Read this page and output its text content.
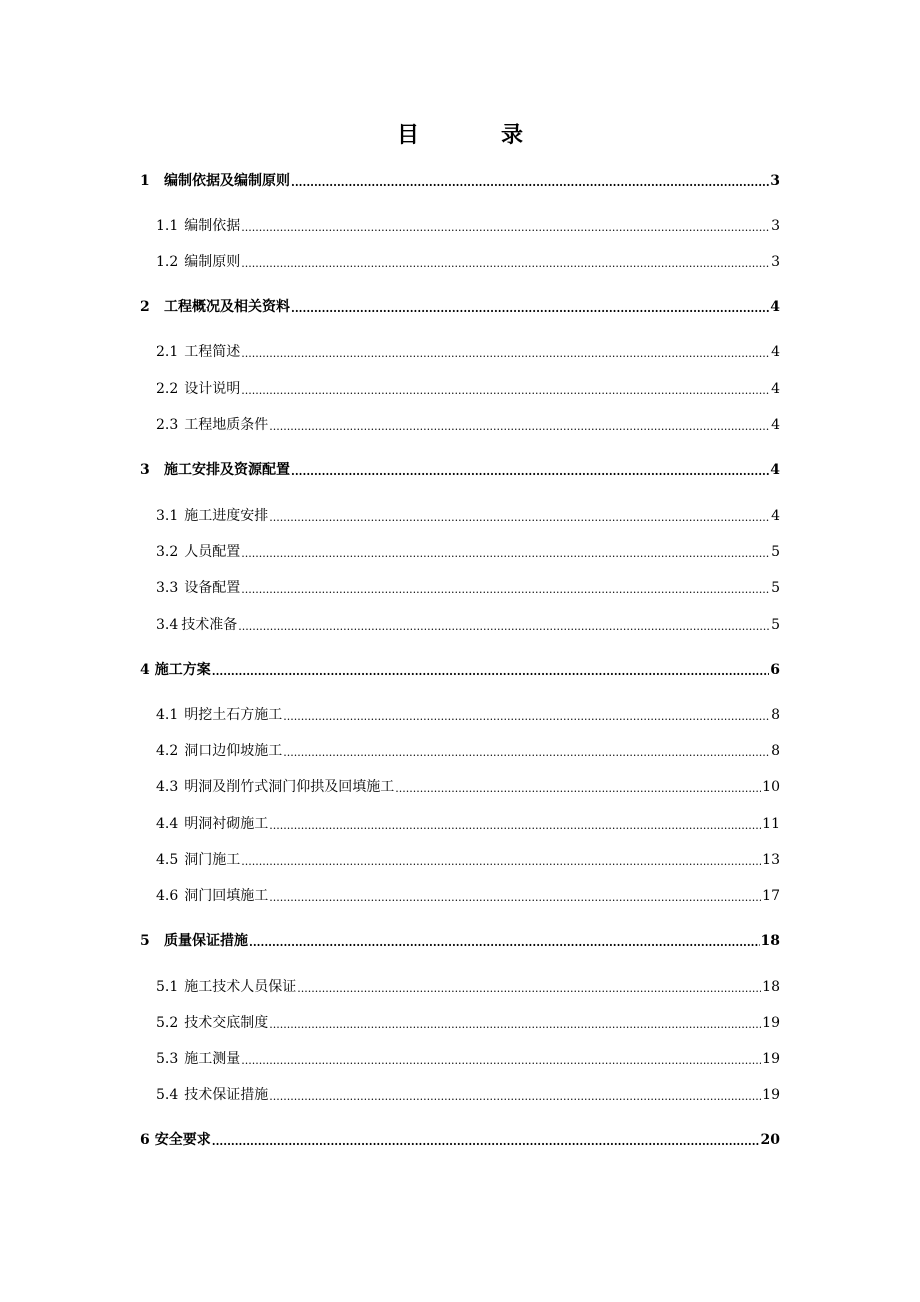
目　录
1	编制依据及编制原则 .....	3
1.1 编制依据 .....	3
1.2 编制原则 .....	3
2	工程概况及相关资料 .....	4
2.1 工程简述 .....	4
2.2 设计说明 .....	4
2.3 工程地质条件 .....	4
3	施工安排及资源配置 .....	4
3.1 施工进度安排 .....	4
3.2 人员配置 .....	5
3.3 设备配置 .....	5
3.4 技术准备 .....	5
4 施工方案 .....	6
4.1 明挖土石方施工 .....	8
4.2 洞口边仰坡施工 .....	8
4.3 明洞及削竹式洞门仰拱及回填施工 .....	10
4.4 明洞衬砌施工 .....	11
4.5 洞门施工 .....	13
4.6 洞门回填施工 .....	17
5	质量保证措施 .....	18
5.1 施工技术人员保证 .....	18
5.2 技术交底制度 .....	19
5.3 施工测量 .....	19
5.4 技术保证措施 .....	19
6 安全要求 .....	20
